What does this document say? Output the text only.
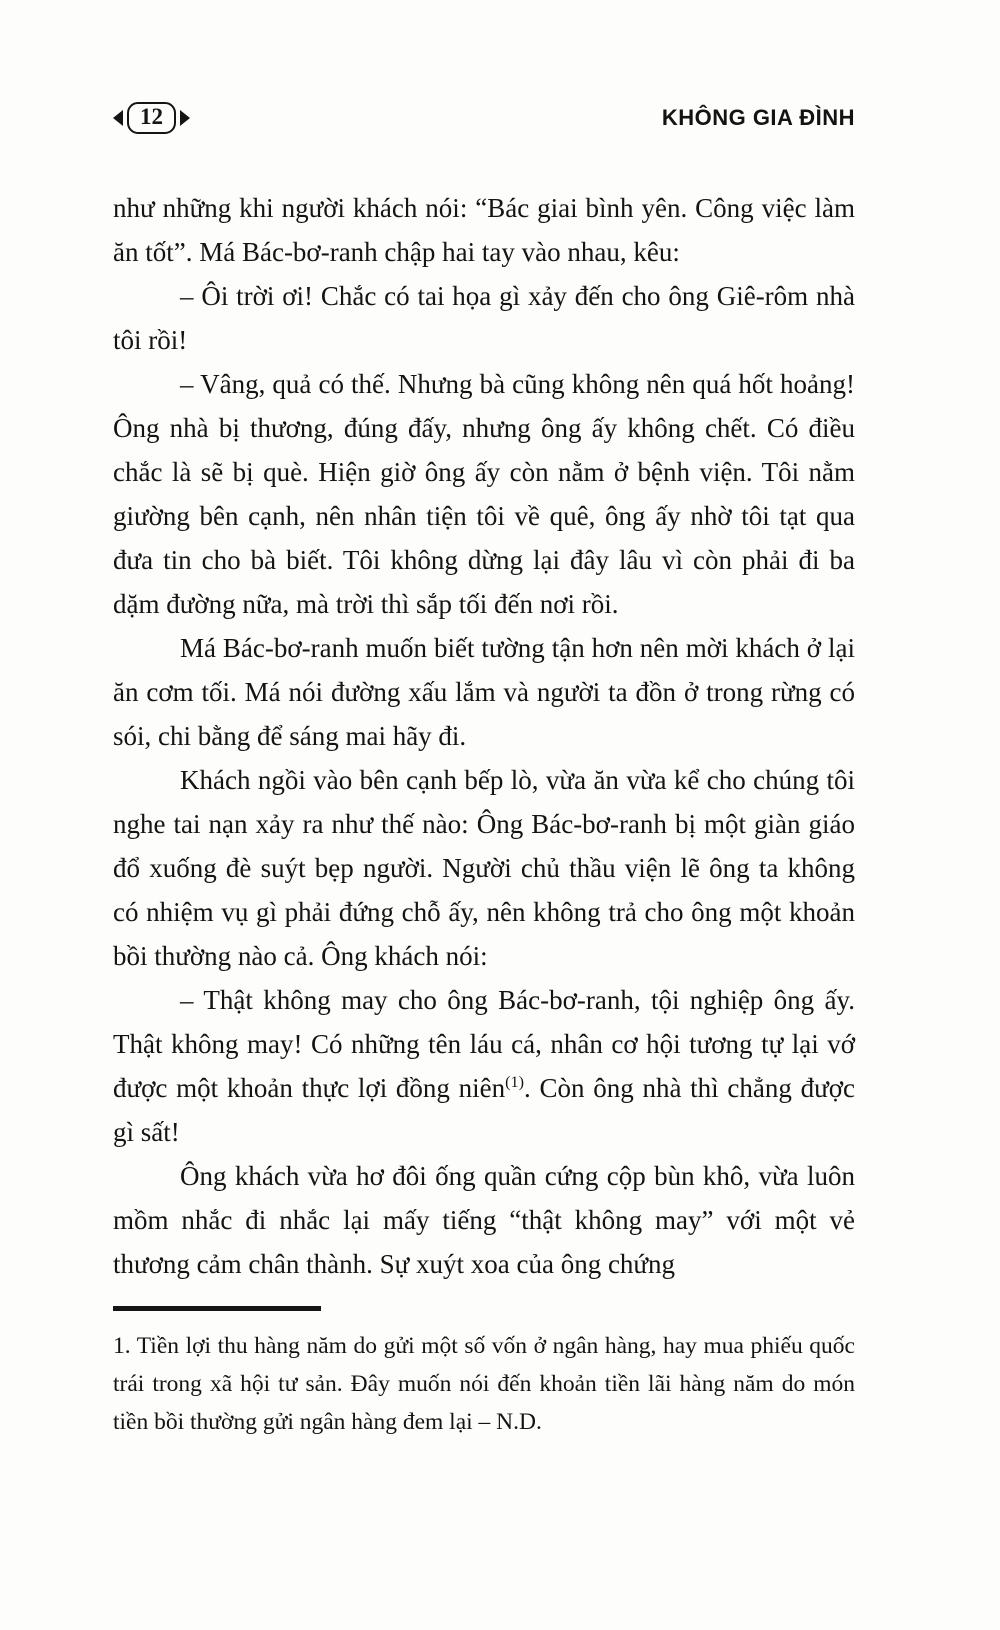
12	KHÔNG GIA ĐÌNH

như những khi người khách nói: “Bác giai bình yên. Công việc làm ăn tốt”. Má Bác-bơ-ranh chập hai tay vào nhau, kêu:

– Ôi trời ơi! Chắc có tai họa gì xảy đến cho ông Giê-rôm nhà tôi rồi!

– Vâng, quả có thế. Nhưng bà cũng không nên quá hốt hoảng! Ông nhà bị thương, đúng đấy, nhưng ông ấy không chết. Có điều chắc là sẽ bị què. Hiện giờ ông ấy còn nằm ở bệnh viện. Tôi nằm giường bên cạnh, nên nhân tiện tôi về quê, ông ấy nhờ tôi tạt qua đưa tin cho bà biết. Tôi không dừng lại đây lâu vì còn phải đi ba dặm đường nữa, mà trời thì sắp tối đến nơi rồi.

Má Bác-bơ-ranh muốn biết tường tận hơn nên mời khách ở lại ăn cơm tối. Má nói đường xấu lắm và người ta đồn ở trong rừng có sói, chi bằng để sáng mai hãy đi.

Khách ngồi vào bên cạnh bếp lò, vừa ăn vừa kể cho chúng tôi nghe tai nạn xảy ra như thế nào: Ông Bác-bơ-ranh bị một giàn giáo đổ xuống đè suýt bẹp người. Người chủ thầu viện lẽ ông ta không có nhiệm vụ gì phải đứng chỗ ấy, nên không trả cho ông một khoản bồi thường nào cả. Ông khách nói:

– Thật không may cho ông Bác-bơ-ranh, tội nghiệp ông ấy. Thật không may! Có những tên láu cá, nhân cơ hội tương tự lại vớ được một khoản thực lợi đồng niên$^{(1)}$. Còn ông nhà thì chẳng được gì sất!

Ông khách vừa hơ đôi ống quần cứng cộp bùn khô, vừa luôn mồm nhắc đi nhắc lại mấy tiếng “thật không may” với một vẻ thương cảm chân thành. Sự xuýt xoa của ông chứng

1. Tiền lợi thu hàng năm do gửi một số vốn ở ngân hàng, hay mua phiếu quốc trái trong xã hội tư sản. Đây muốn nói đến khoản tiền lãi hàng năm do món tiền bồi thường gửi ngân hàng đem lại – N.D.
